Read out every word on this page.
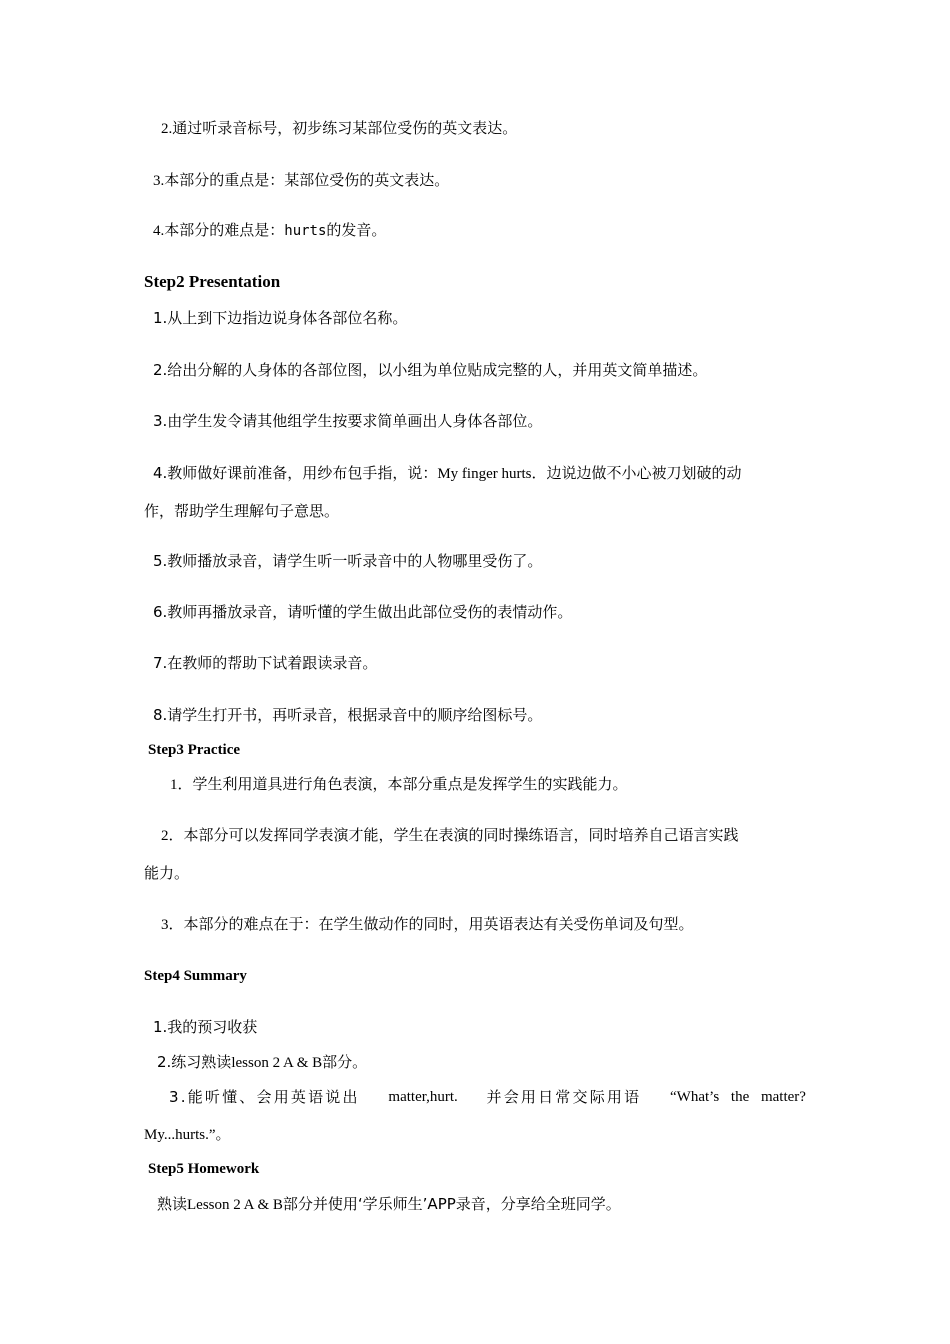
2.通过听录音标号，初步练习某部位受伤的英文表达。
3.本部分的重点是：某部位受伤的英文表达。
4.本部分的难点是：hurts的发音。
Step2 Presentation
1.从上到下边指边说身体各部位名称。
2.给出分解的人身体的各部位图，以小组为单位贴成完整的人，并用英文简单描述。
3.由学生发令请其他组学生按要求简单画出人身体各部位。
4.教师做好课前准备，用纱布包手指，说：My finger hurts．边说边做不小心被刀划破的动
作，帮助学生理解句子意思。
5.教师播放录音，请学生听一听录音中的人物哪里受伤了。
6.教师再播放录音，请听懂的学生做出此部位受伤的表情动作。
7.在教师的帮助下试着跟读录音。
8.请学生打开书，再听录音，根据录音中的顺序给图标号。
Step3 Practice
1．学生利用道具进行角色表演，本部分重点是发挥学生的实践能力。
2．本部分可以发挥同学表演才能，学生在表演的同时操练语言，同时培养自己语言实践
能力。
3．本部分的难点在于：在学生做动作的同时，用英语表达有关受伤单词及句型。
Step4 Summary
1.我的预习收获
2.练习熟读lesson 2 A & B部分。
3.能听懂、会用英语说出 matter,hurt. 并会用日常交际用语 “What’s the matter?
My...hurts.”。
Step5 Homework
熟读Lesson 2 A & B部分并使用‘学乐师生’APP录音，分享给全班同学。
